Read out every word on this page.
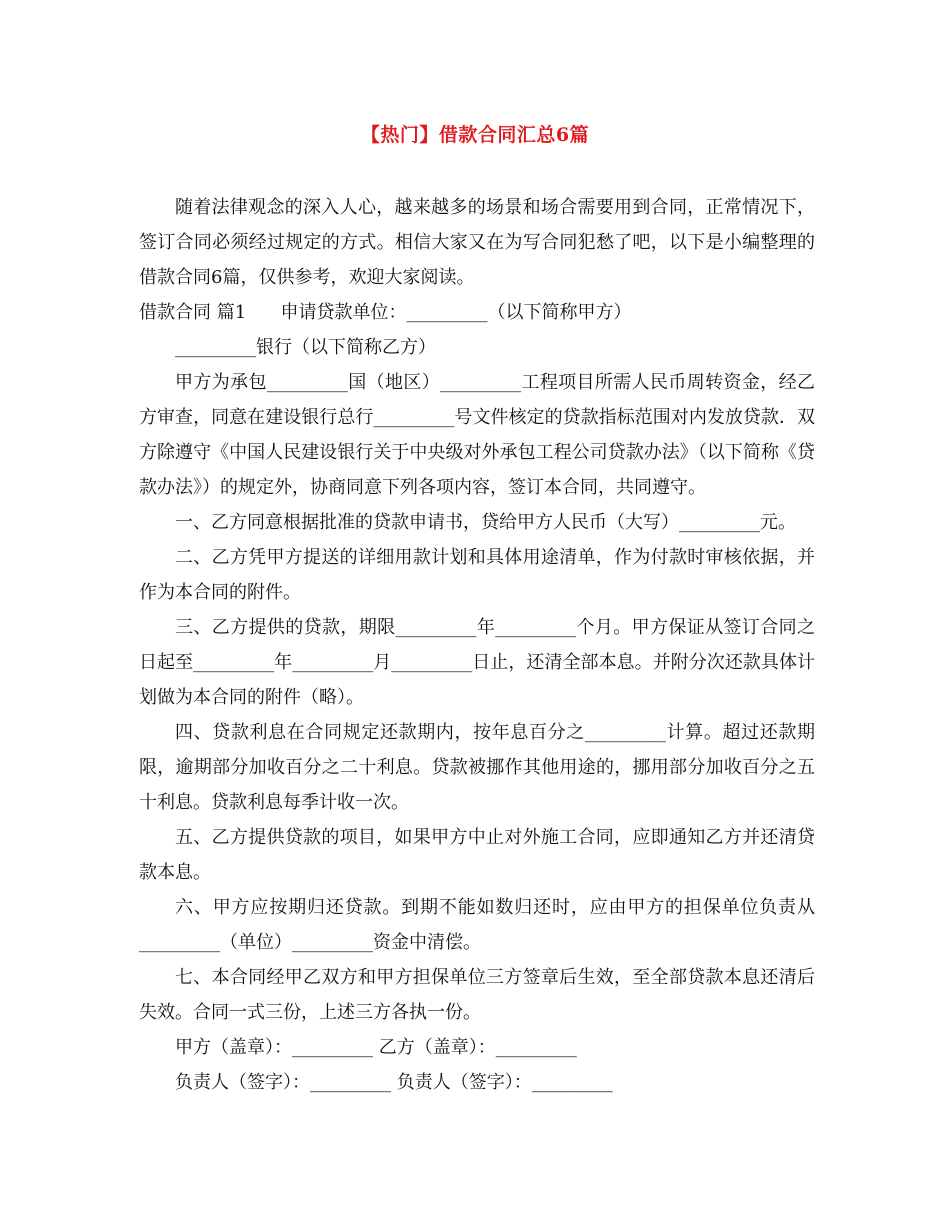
【热门】借款合同汇总6篇

随着法律观念的深入人心，越来越多的场景和场合需要用到合同，正常情况下，签订合同必须经过规定的方式。相信大家又在为写合同犯愁了吧，以下是小编整理的借款合同6篇，仅供参考，欢迎大家阅读。

借款合同 篇1      申请贷款单位：_________（以下简称甲方）

_________银行（以下简称乙方）

甲方为承包_________国（地区）_________工程项目所需人民币周转资金，经乙方审查，同意在建设银行总行_________号文件核定的贷款指标范围对内发放贷款．双方除遵守《中国人民建设银行关于中央级对外承包工程公司贷款办法》（以下简称《贷款办法》）的规定外，协商同意下列各项内容，签订本合同，共同遵守。

一、乙方同意根据批准的贷款申请书，贷给甲方人民币（大写）_________元。

二、乙方凭甲方提送的详细用款计划和具体用途清单，作为付款时审核依据，并作为本合同的附件。

三、乙方提供的贷款，期限_________年_________个月。甲方保证从签订合同之日起至_________年_________月_________日止，还清全部本息。并附分次还款具体计划做为本合同的附件（略）。

四、贷款利息在合同规定还款期内，按年息百分之_________计算。超过还款期限，逾期部分加收百分之二十利息。贷款被挪作其他用途的，挪用部分加收百分之五十利息。贷款利息每季计收一次。

五、乙方提供贷款的项目，如果甲方中止对外施工合同，应即通知乙方并还清贷款本息。

六、甲方应按期归还贷款。到期不能如数归还时，应由甲方的担保单位负责从_________（单位）_________资金中清偿。

七、本合同经甲乙双方和甲方担保单位三方签章后生效，至全部贷款本息还清后失效。合同一式三份，上述三方各执一份。

甲方（盖章）：_________ 乙方（盖章）：_________

负责人（签字）：_________ 负责人（签字）：_________
